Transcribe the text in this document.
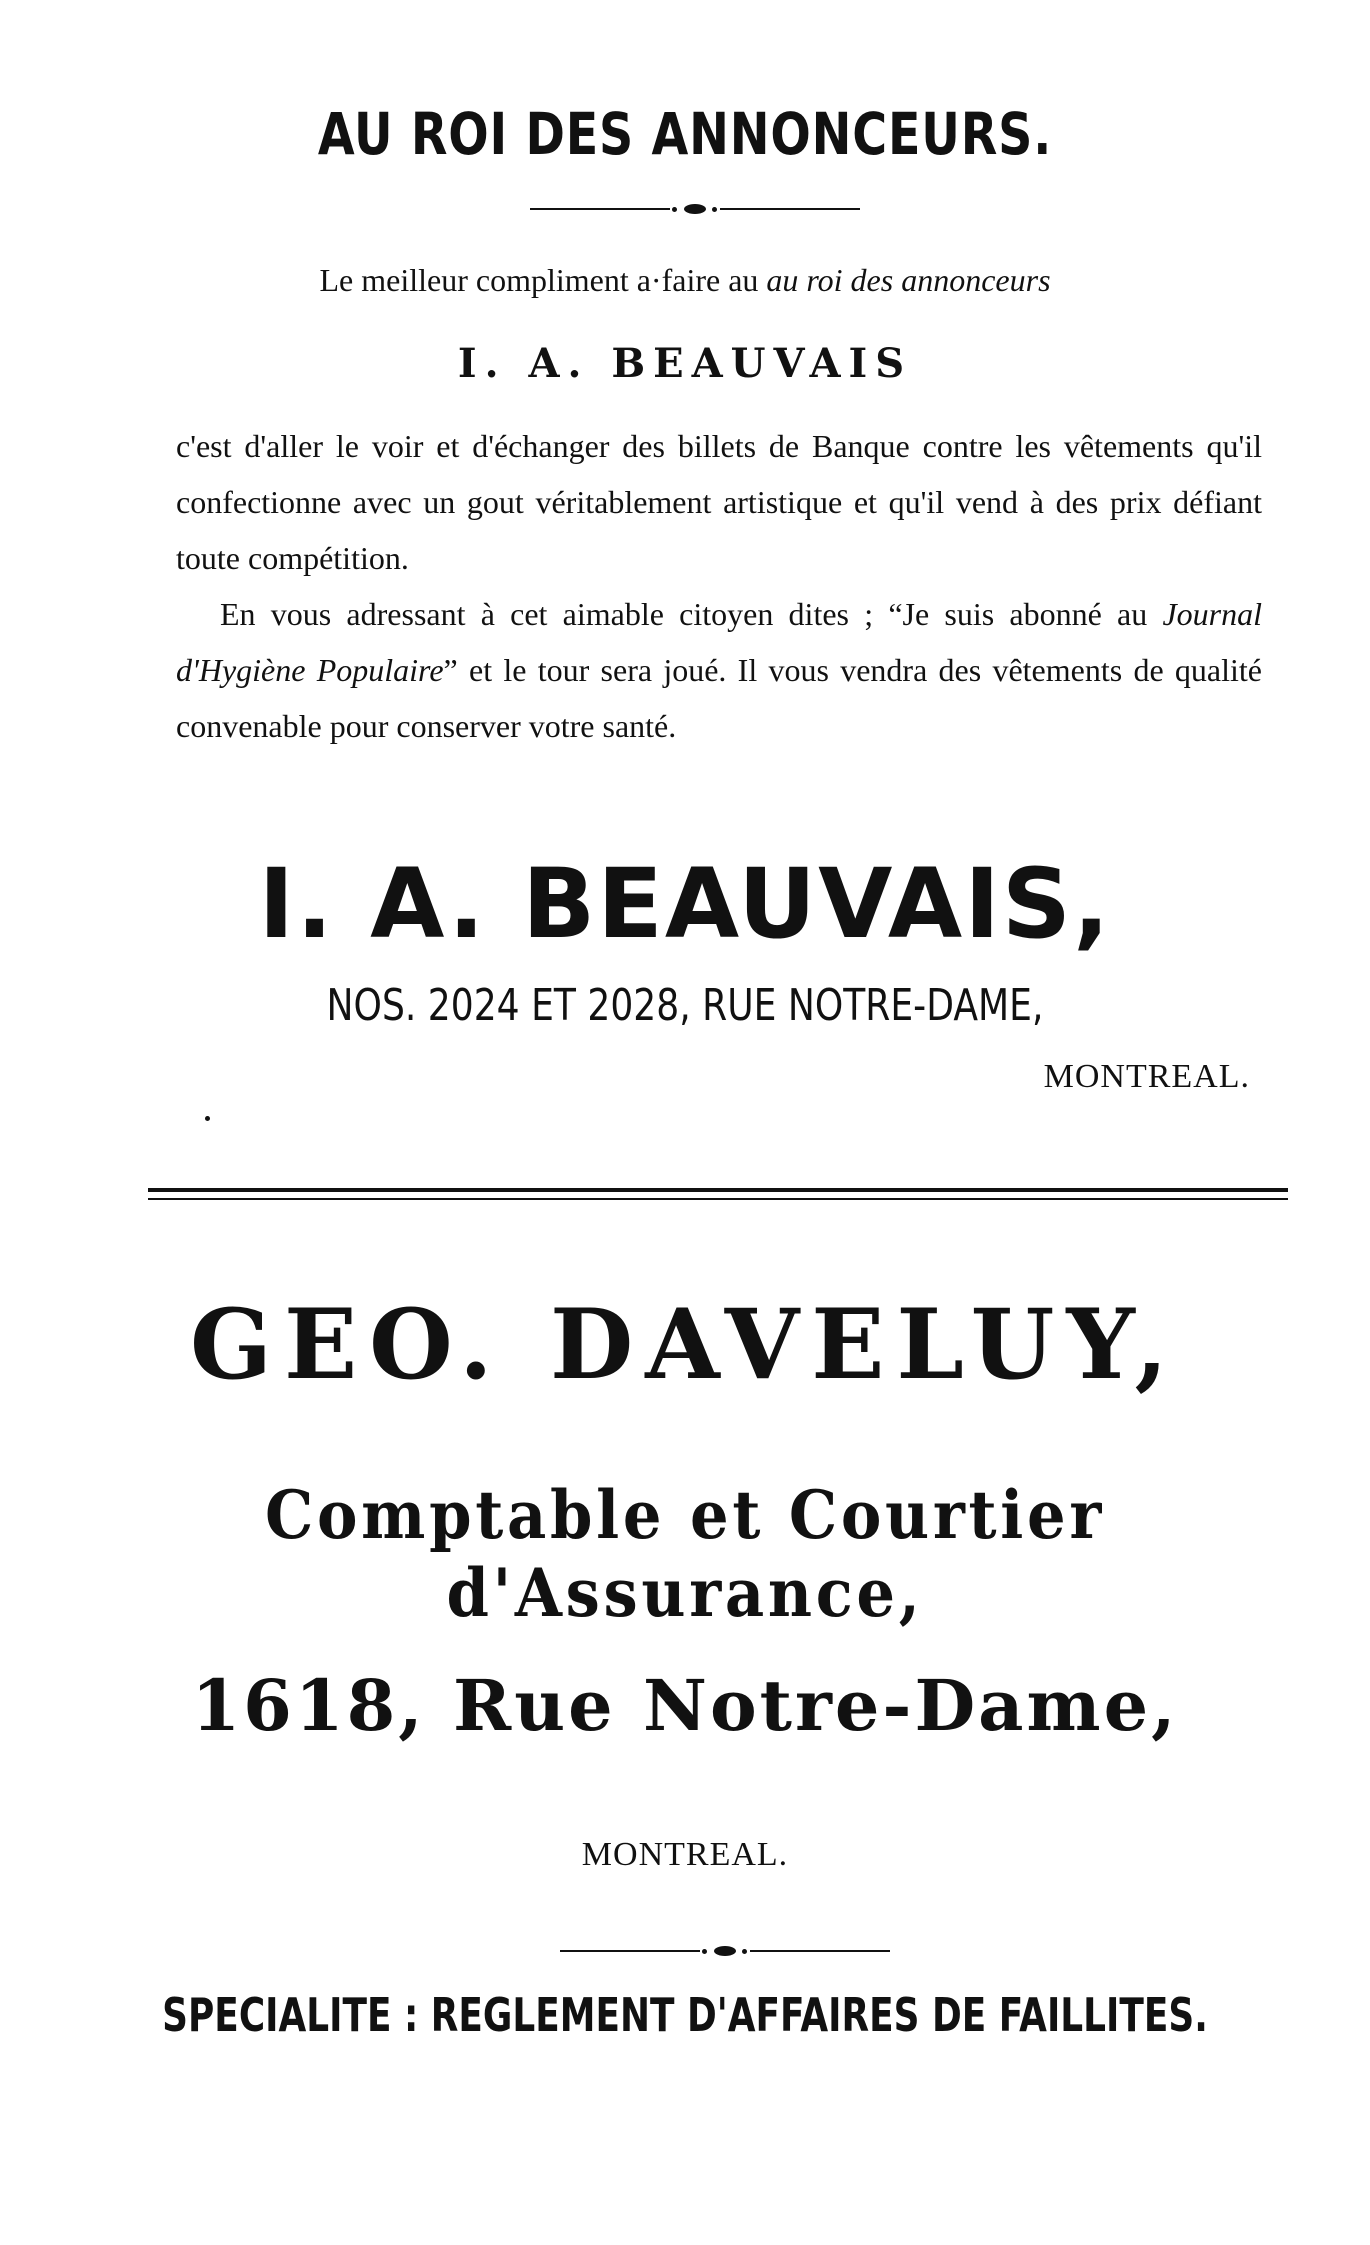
AU ROI DES ANNONCEURS.
Le meilleur compliment a·faire au au roi des annonceurs
I. A. BEAUVAIS
c'est d'aller le voir et d'échanger des billets de Banque contre les vêtements qu'il confectionne avec un gout véritablement artistique et qu'il vend à des prix défiant toute compétition.
En vous adressant à cet aimable citoyen dites ; “Je suis abonné au Journal d'Hygiène Populaire” et le tour sera joué. Il vous vendra des vêtements de qualité convenable pour conserver votre santé.
I. A. BEAUVAIS,
NOS. 2024 ET 2028, RUE NOTRE-DAME,
MONTREAL.
GEO. DAVELUY,
Comptable et Courtier d'Assurance,
1618, Rue Notre-Dame,
MONTREAL.
SPECIALITE : REGLEMENT D'AFFAIRES DE FAILLITES.
